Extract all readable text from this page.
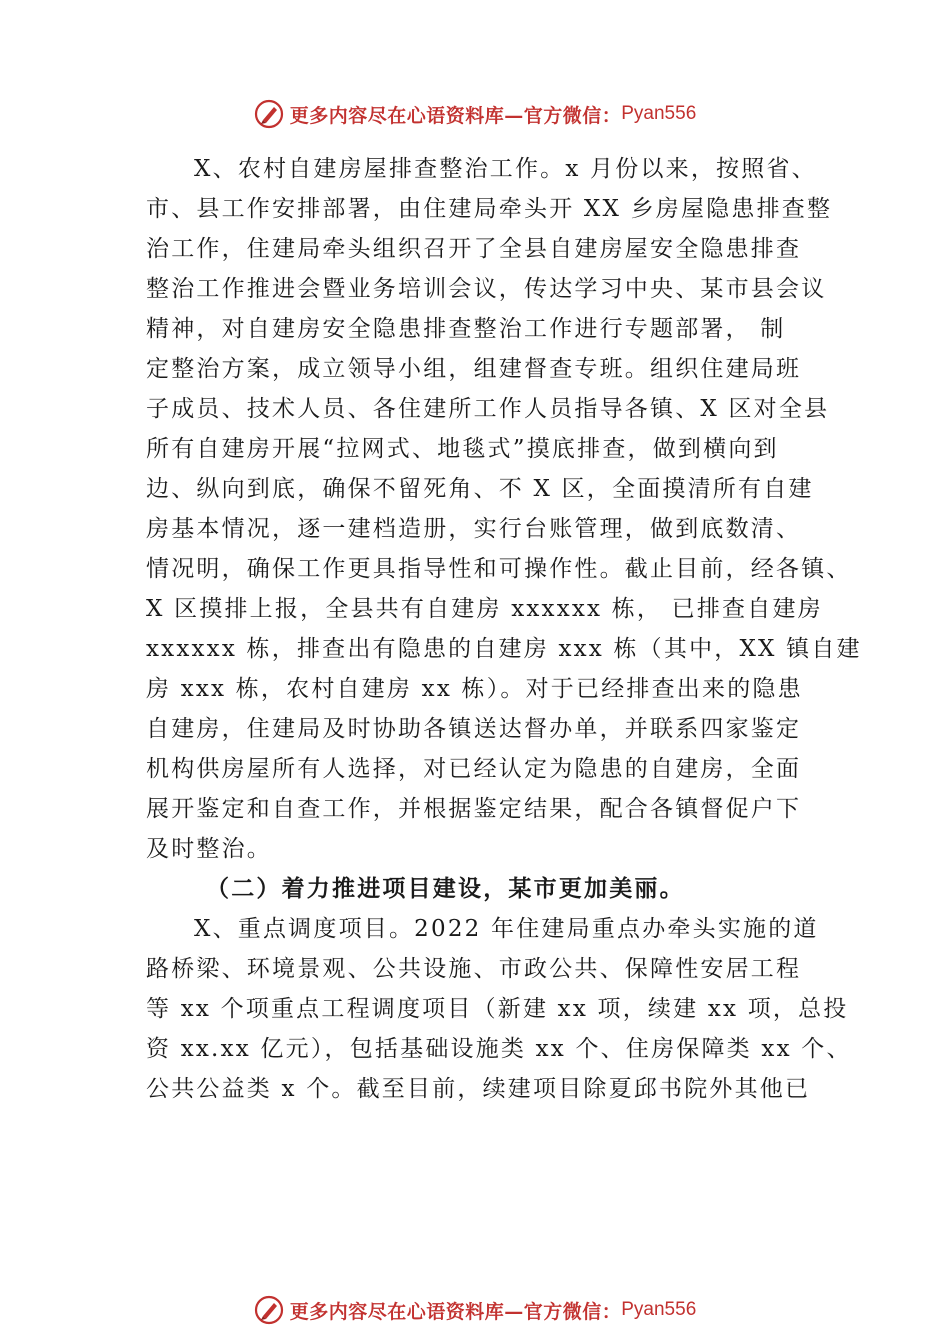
更多内容尽在心语资料库—官方微信： Pyan556
X、农村自建房屋排查整治工作。x 月份以来，按照省、
市、县工作安排部署，由住建局牵头开 XX 乡房屋隐患排查整
治工作，住建局牵头组织召开了全县自建房屋安全隐患排查
整治工作推进会暨业务培训会议，传达学习中央、某市县会议
精神，对自建房安全隐患排查整治工作进行专题部署， 制
定整治方案，成立领导小组，组建督查专班。组织住建局班
子成员、技术人员、各住建所工作人员指导各镇、X 区对全县
所有自建房开展“拉网式、地毯式”摸底排查，做到横向到
边、纵向到底，确保不留死角、不 X 区，全面摸清所有自建
房基本情况，逐一建档造册，实行台账管理，做到底数清、
情况明，确保工作更具指导性和可操作性。截止目前，经各镇、
X 区摸排上报，全县共有自建房 xxxxxx 栋， 已排查自建房
xxxxxx 栋，排查出有隐患的自建房 xxx 栋（其中，XX 镇自建
房 xxx 栋，农村自建房 xx 栋）。对于已经排查出来的隐患
自建房，住建局及时协助各镇送达督办单，并联系四家鉴定
机构供房屋所有人选择，对已经认定为隐患的自建房，全面
展开鉴定和自查工作，并根据鉴定结果，配合各镇督促户下
及时整治。
（二）着力推进项目建设，某市更加美丽。
X、重点调度项目。2022 年住建局重点办牵头实施的道
路桥梁、环境景观、公共设施、市政公共、保障性安居工程
等 xx 个项重点工程调度项目（新建 xx 项，续建 xx 项，总投
资 xx.xx 亿元），包括基础设施类 xx 个、住房保障类 xx 个、
公共公益类 x 个。截至目前，续建项目除夏邱书院外其他已
更多内容尽在心语资料库—官方微信： Pyan556
